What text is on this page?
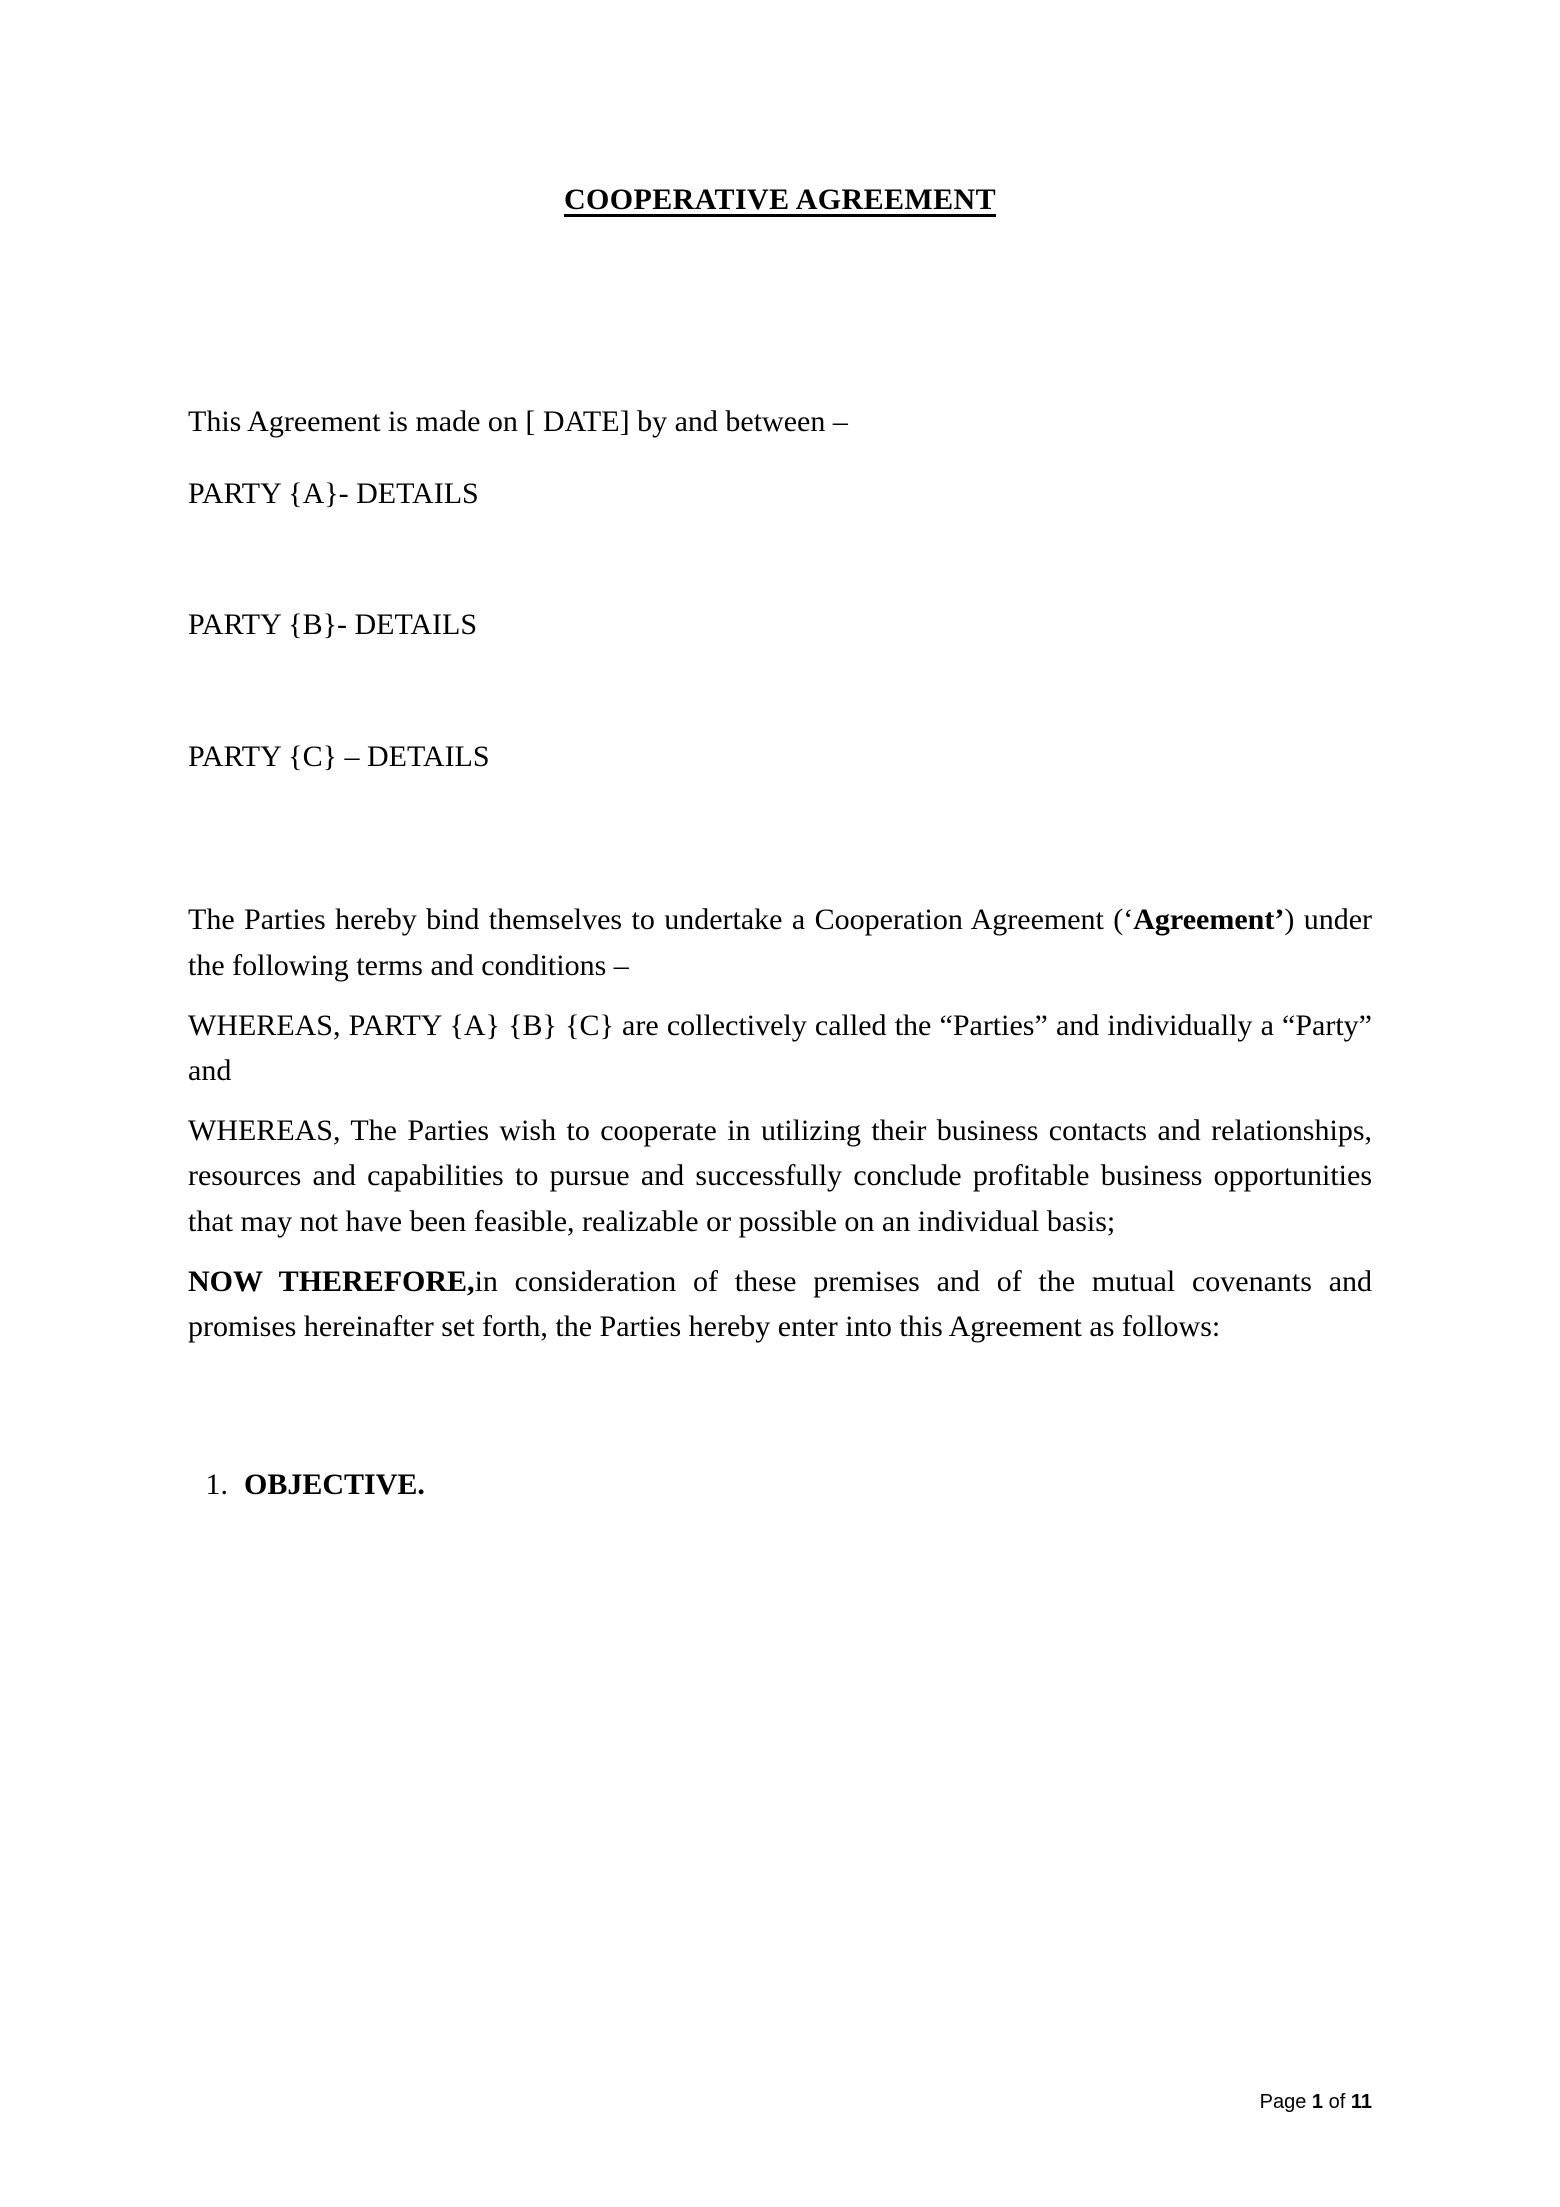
COOPERATIVE AGREEMENT

This Agreement is made on [ DATE] by and between –

PARTY {A}- DETAILS

PARTY {B}- DETAILS

PARTY {C} – DETAILS

The Parties hereby bind themselves to undertake a Cooperation Agreement (‘Agreement’) under the following terms and conditions –

WHEREAS, PARTY {A} {B} {C} are collectively called the “Parties” and individually a “Party” and

WHEREAS, The Parties wish to cooperate in utilizing their business contacts and relationships, resources and capabilities to pursue and successfully conclude profitable business opportunities that may not have been feasible, realizable or possible on an individual basis;

NOW THEREFORE,in consideration of these premises and of the mutual covenants and promises hereinafter set forth, the Parties hereby enter into this Agreement as follows:

1. OBJECTIVE.
Page 1 of 11
